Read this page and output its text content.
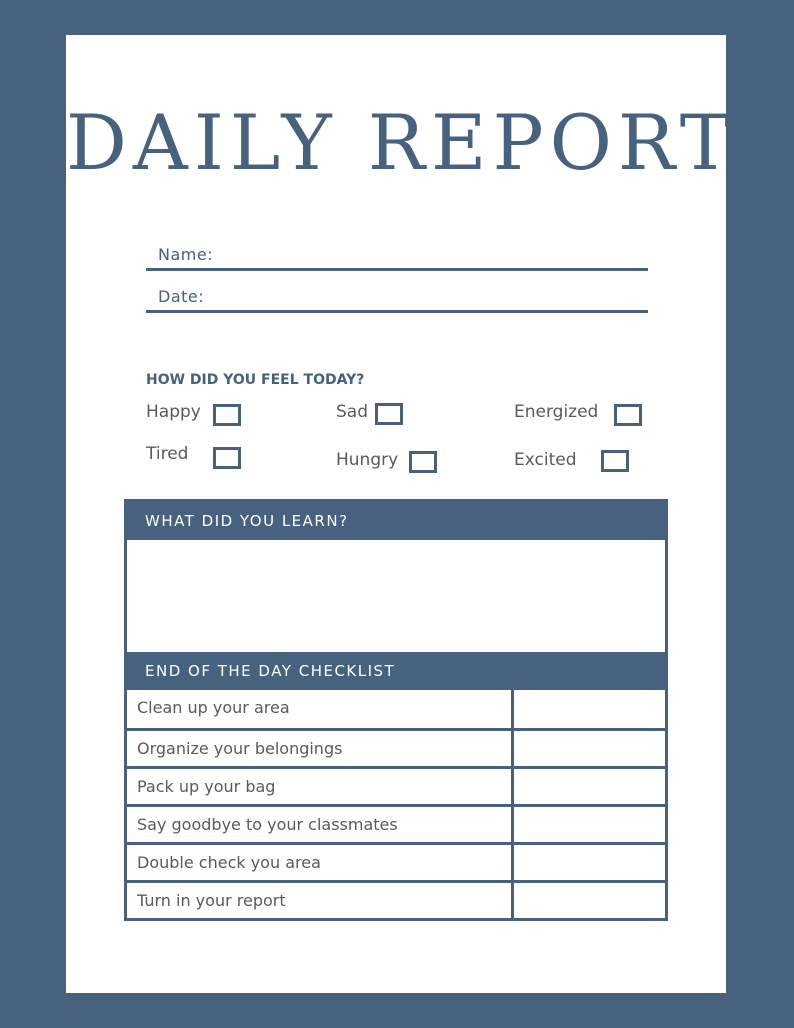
DAILY REPORT
Name:
Date:
HOW DID YOU FEEL TODAY?
Happy	Sad	Energized
Tired	Hungry	Excited
WHAT DID YOU LEARN?
END OF THE DAY CHECKLIST
Clean up your area
Organize your belongings
Pack up your bag
Say goodbye to your classmates
Double check you area
Turn in your report
